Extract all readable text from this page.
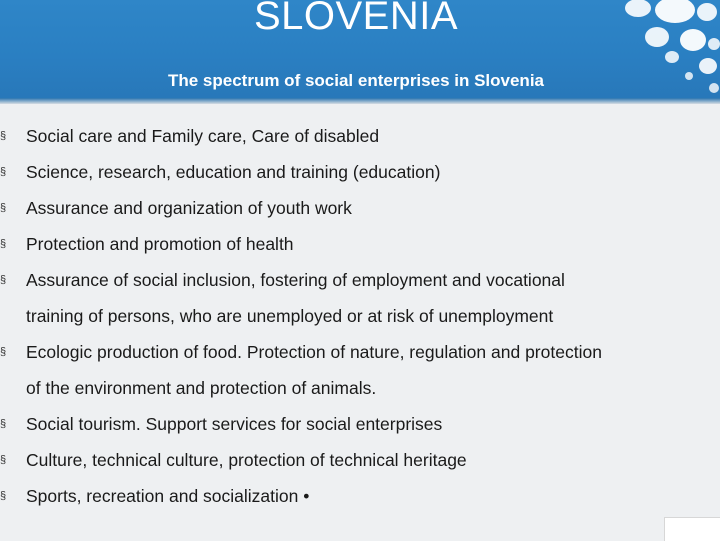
SLOVENIA
The spectrum of social enterprises in Slovenia
§ Social care and Family care, Care of disabled
§ Science, research, education and training (education)
§ Assurance and organization of youth work
§ Protection and promotion of health
§ Assurance of social inclusion, fostering of employment and vocational
training of persons, who are unemployed or at risk of unemployment
§ Ecologic production of food. Protection of nature, regulation and protection
of the environment and protection of animals.
§ Social tourism. Support services for social enterprises
§ Culture, technical culture, protection of technical heritage
§ Sports, recreation and socialization •
